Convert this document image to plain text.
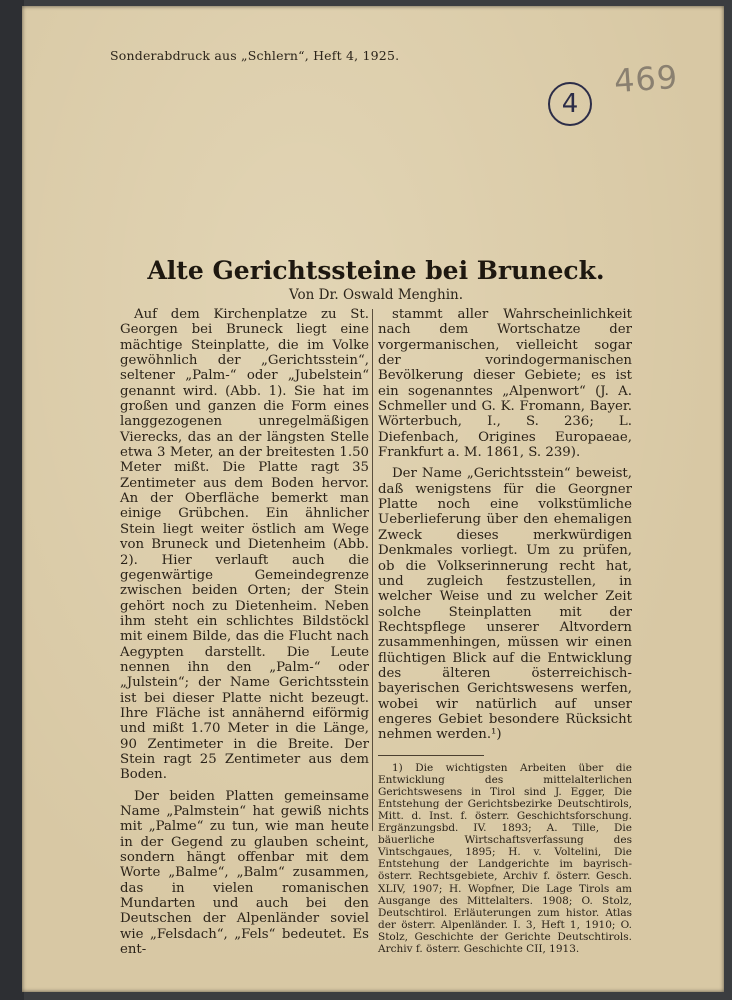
Sonderabdruck aus „Schlern“, Heft 4, 1925.
4
469
Alte Gerichtssteine bei Bruneck.
Von Dr. Oswald Menghin.

Auf dem Kirchenplatze zu St. Georgen bei Bruneck liegt eine mächtige Steinplatte, die im Volke gewöhnlich der „Gerichtsstein“, seltener „Palm-“ oder „Jubelstein“ genannt wird. (Abb. 1). Sie hat im großen und ganzen die Form eines langgezogenen unregelmäßigen Vierecks, das an der längsten Stelle etwa 3 Meter, an der breitesten 1.50 Meter mißt. Die Platte ragt 35 Zentimeter aus dem Boden hervor. An der Oberfläche bemerkt man einige Grübchen. Ein ähnlicher Stein liegt weiter östlich am Wege von Bruneck und Dietenheim (Abb. 2). Hier verlauft auch die gegenwärtige Gemeindegrenze zwischen beiden Orten; der Stein gehört noch zu Dietenheim. Neben ihm steht ein schlichtes Bildstöckl mit einem Bilde, das die Flucht nach Aegypten darstellt. Die Leute nennen ihn den „Palm-“ oder „Julstein“; der Name Gerichtsstein ist bei dieser Platte nicht bezeugt. Ihre Fläche ist annähernd eiförmig und mißt 1.70 Meter in die Länge, 90 Zentimeter in die Breite. Der Stein ragt 25 Zentimeter aus dem Boden.

Der beiden Platten gemeinsame Name „Palmstein“ hat gewiß nichts mit „Palme“ zu tun, wie man heute in der Gegend zu glauben scheint, sondern hängt offenbar mit dem Worte „Balme“, „Balm“ zusammen, das in vielen romanischen Mundarten und auch bei den Deutschen der Alpenländer soviel wie „Felsdach“, „Fels“ bedeutet. Es ent-

stammt aller Wahrscheinlichkeit nach dem Wortschatze der vorgermanischen, vielleicht sogar der vorindogermanischen Bevölkerung dieser Gebiete; es ist ein sogenanntes „Alpenwort“ (J. A. Schmeller und G. K. Fromann, Bayer. Wörterbuch, I., S. 236; L. Diefenbach, Origines Europaeae, Frankfurt a. M. 1861, S. 239).

Der Name „Gerichtsstein“ beweist, daß wenigstens für die Georgner Platte noch eine volkstümliche Ueberlieferung über den ehemaligen Zweck dieses merkwürdigen Denkmales vorliegt. Um zu prüfen, ob die Volkserinnerung recht hat, und zugleich festzustellen, in welcher Weise und zu welcher Zeit solche Steinplatten mit der Rechtspflege unserer Altvordern zusammenhingen, müssen wir einen flüchtigen Blick auf die Entwicklung des älteren österreichisch-bayerischen Gerichtswesens werfen, wobei wir natürlich auf unser engeres Gebiet besondere Rücksicht nehmen werden.¹)

1) Die wichtigsten Arbeiten über die Entwicklung des mittelalterlichen Gerichtswesens in Tirol sind J. Egger, Die Entstehung der Gerichtsbezirke Deutschtirols, Mitt. d. Inst. f. österr. Geschichtsforschung. Ergänzungsbd. IV. 1893; A. Tille, Die bäuerliche Wirtschaftsverfassung des Vintschgaues, 1895; H. v. Voltelini, Die Entstehung der Landgerichte im bayrisch-österr. Rechtsgebiete, Archiv f. österr. Gesch. XLIV, 1907; H. Wopfner, Die Lage Tirols am Ausgange des Mittelalters. 1908; O. Stolz, Deutschtirol. Erläuterungen zum histor. Atlas der österr. Alpenländer. I. 3, Heft 1, 1910; O. Stolz, Geschichte der Gerichte Deutschtirols. Archiv f. österr. Geschichte CII, 1913.
